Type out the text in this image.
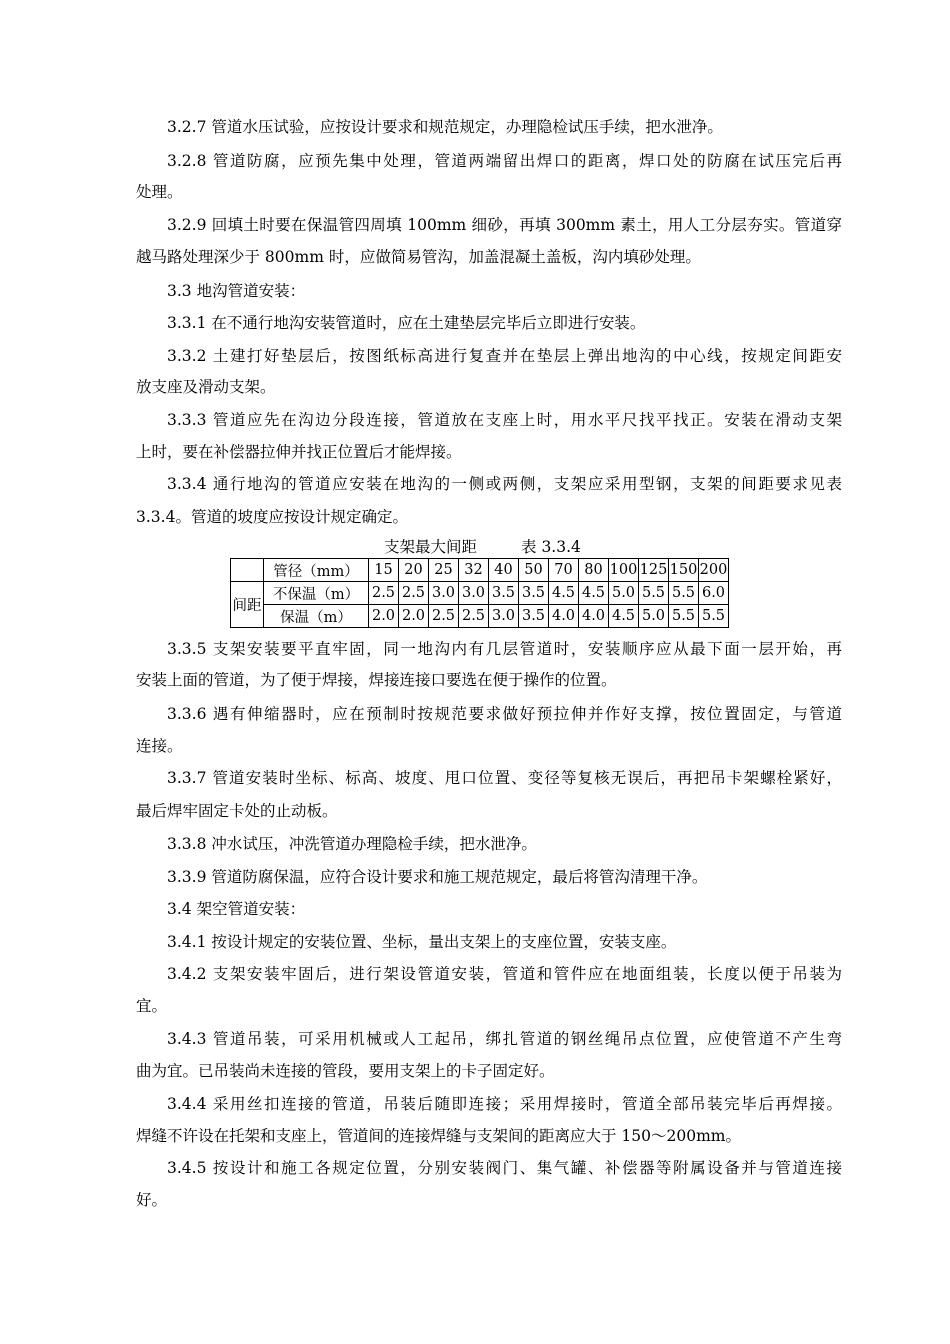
3.2.7 管道水压试验，应按设计要求和规范规定，办理隐检试压手续，把水泄净。
3.2.8 管道防腐，应预先集中处理，管道两端留出焊口的距离，焊口处的防腐在试压完后再
处理。
3.2.9 回填土时要在保温管四周填 100mm 细砂，再填 300mm 素土，用人工分层夯实。管道穿
越马路处理深少于 800mm 时，应做简易管沟，加盖混凝土盖板，沟内填砂处理。
3.3 地沟管道安装：
3.3.1 在不通行地沟安装管道时，应在土建垫层完毕后立即进行安装。
3.3.2 土建打好垫层后，按图纸标高进行复查并在垫层上弹出地沟的中心线，按规定间距安
放支座及滑动支架。
3.3.3 管道应先在沟边分段连接，管道放在支座上时，用水平尺找平找正。安装在滑动支架
上时，要在补偿器拉伸并找正位置后才能焊接。
3.3.4 通行地沟的管道应安装在地沟的一侧或两侧，支架应采用型钢，支架的间距要求见表
3.3.4。管道的坡度应按设计规定确定。
支架最大间距	表 3.3.4
	管径（mm）	15	20	25	32	40	50	70	80	100	125	150	200
间距	不保温（m）	2.5	2.5	3.0	3.0	3.5	3.5	4.5	4.5	5.0	5.5	5.5	6.0
	保温（m）	2.0	2.0	2.5	2.5	3.0	3.5	4.0	4.0	4.5	5.0	5.5	5.5
3.3.5 支架安装要平直牢固，同一地沟内有几层管道时，安装顺序应从最下面一层开始，再
安装上面的管道，为了便于焊接，焊接连接口要选在便于操作的位置。
3.3.6 遇有伸缩器时，应在预制时按规范要求做好预拉伸并作好支撑，按位置固定，与管道
连接。
3.3.7 管道安装时坐标、标高、坡度、甩口位置、变径等复核无误后，再把吊卡架螺栓紧好，
最后焊牢固定卡处的止动板。
3.3.8 冲水试压，冲洗管道办理隐检手续，把水泄净。
3.3.9 管道防腐保温，应符合设计要求和施工规范规定，最后将管沟清理干净。
3.4 架空管道安装：
3.4.1 按设计规定的安装位置、坐标，量出支架上的支座位置，安装支座。
3.4.2 支架安装牢固后，进行架设管道安装，管道和管件应在地面组装，长度以便于吊装为
宜。
3.4.3 管道吊装，可采用机械或人工起吊，绑扎管道的钢丝绳吊点位置，应使管道不产生弯
曲为宜。已吊装尚未连接的管段，要用支架上的卡子固定好。
3.4.4 采用丝扣连接的管道，吊装后随即连接；采用焊接时，管道全部吊装完毕后再焊接。
焊缝不许设在托架和支座上，管道间的连接焊缝与支架间的距离应大于 150～200mm。
3.4.5 按设计和施工各规定位置，分别安装阀门、集气罐、补偿器等附属设备并与管道连接
好。
